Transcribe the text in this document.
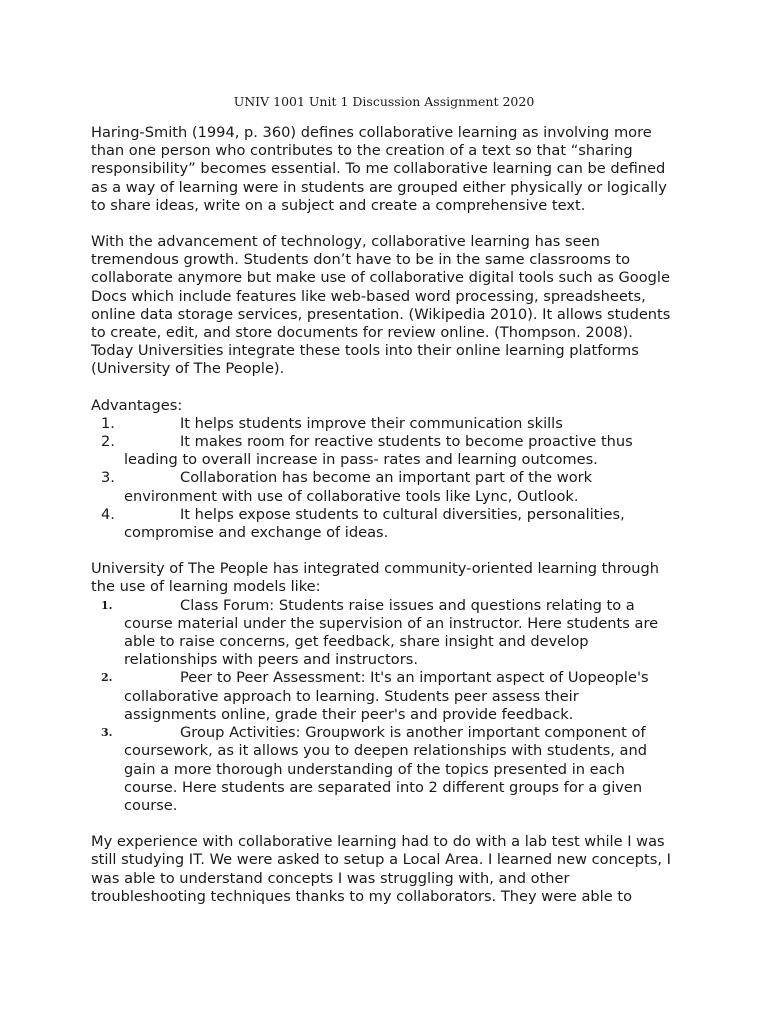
UNIV 1001 Unit 1 Discussion Assignment 2020

Haring-Smith (1994, p. 360) defines collaborative learning as involving more than one person who contributes to the creation of a text so that “sharing responsibility” becomes essential. To me collaborative learning can be defined as a way of learning were in students are grouped either physically or logically to share ideas, write on a subject and create a comprehensive text.

With the advancement of technology, collaborative learning has seen tremendous growth. Students don’t have to be in the same classrooms to collaborate anymore but make use of collaborative digital tools such as Google Docs which include features like web-based word processing, spreadsheets, online data storage services, presentation. (Wikipedia 2010). It allows students to create, edit, and store documents for review online. (Thompson. 2008). Today Universities integrate these tools into their online learning platforms (University of The People).

Advantages:

1.	It helps students improve their communication skills
2.	It makes room for reactive students to become proactive thus leading to overall increase in pass- rates and learning outcomes.
3.	Collaboration has become an important part of the work environment with use of collaborative tools like Lync, Outlook.
4.	It helps expose students to cultural diversities, personalities, compromise and exchange of ideas.

University of The People has integrated community-oriented learning through the use of learning models like:

1.	Class Forum: Students raise issues and questions relating to a course material under the supervision of an instructor. Here students are able to raise concerns, get feedback, share insight and develop relationships with peers and instructors.
2.	Peer to Peer Assessment: It's an important aspect of Uopeople's collaborative approach to learning. Students peer assess their assignments online, grade their peer's and provide feedback.
3.	Group Activities: Groupwork is another important component of coursework, as it allows you to deepen relationships with students, and gain a more thorough understanding of the topics presented in each course. Here students are separated into 2 different groups for a given course.

My experience with collaborative learning had to do with a lab test while I was still studying IT. We were asked to setup a Local Area. I learned new concepts, I was able to understand concepts I was struggling with, and other troubleshooting techniques thanks to my collaborators. They were able to
